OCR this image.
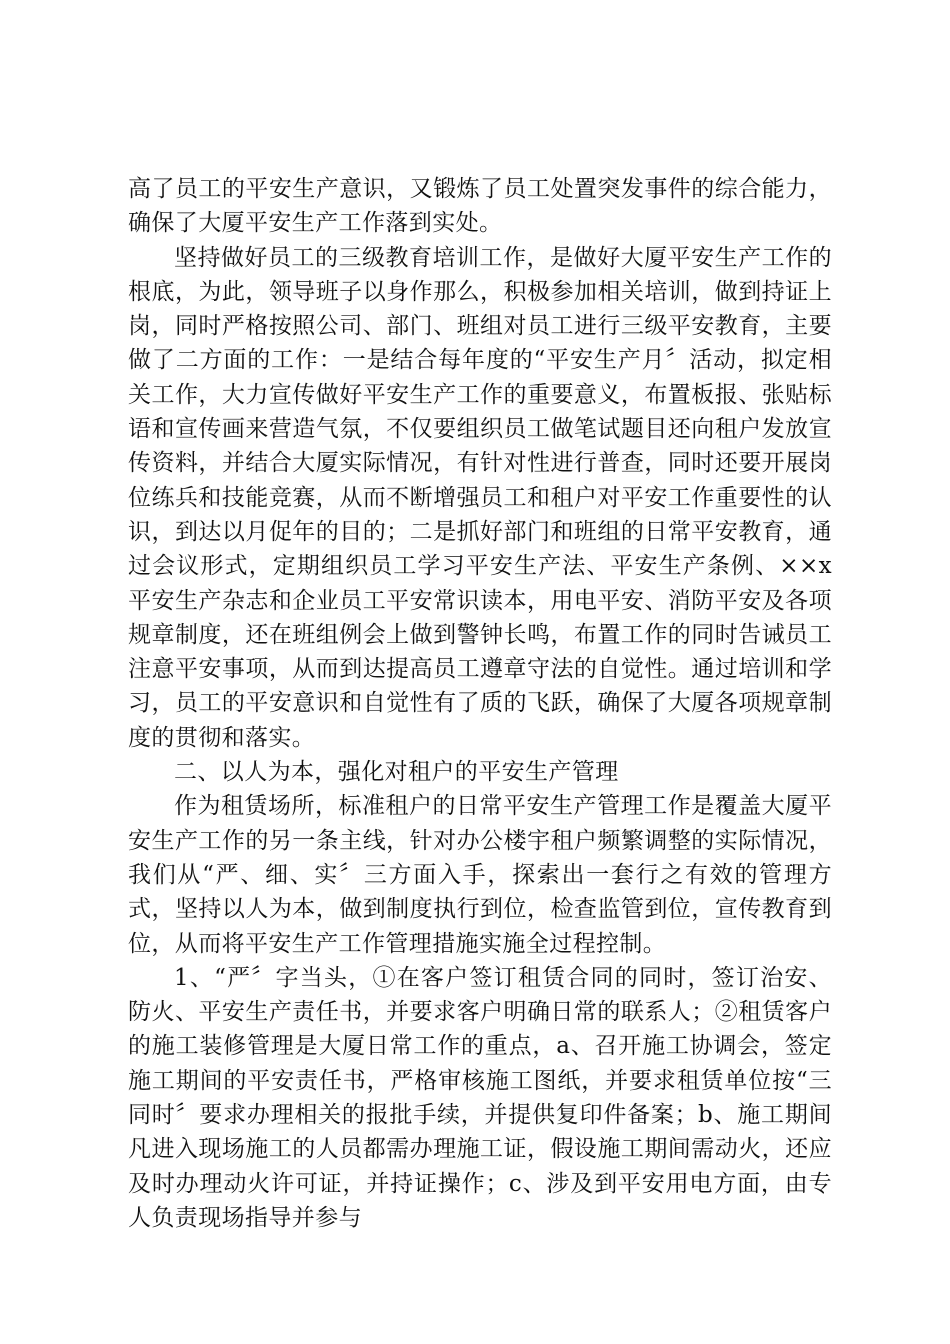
高了员工的平安生产意识，又锻炼了员工处置突发事件的综合能力，确保了大厦平安生产工作落到实处。

坚持做好员工的三级教育培训工作，是做好大厦平安生产工作的根底，为此，领导班子以身作那么，积极参加相关培训，做到持证上岗，同时严格按照公司、部门、班组对员工进行三级平安教育，主要做了二方面的工作：一是结合每年度的“平安生产月〞活动，拟定相关工作，大力宣传做好平安生产工作的重要意义，布置板报、张贴标语和宣传画来营造气氛，不仅要组织员工做笔试题目还向租户发放宣传资料，并结合大厦实际情况，有针对性进行普查，同时还要开展岗位练兵和技能竞赛，从而不断增强员工和租户对平安工作重要性的认识，到达以月促年的目的；二是抓好部门和班组的日常平安教育，通过会议形式，定期组织员工学习平安生产法、平安生产条例、××x平安生产杂志和企业员工平安常识读本，用电平安、消防平安及各项规章制度，还在班组例会上做到警钟长鸣，布置工作的同时告诫员工注意平安事项，从而到达提高员工遵章守法的自觉性。通过培训和学习，员工的平安意识和自觉性有了质的飞跃，确保了大厦各项规章制度的贯彻和落实。

二、以人为本，强化对租户的平安生产管理

作为租赁场所，标准租户的日常平安生产管理工作是覆盖大厦平安生产工作的另一条主线，针对办公楼宇租户频繁调整的实际情况，我们从“严、细、实〞三方面入手，探索出一套行之有效的管理方式，坚持以人为本，做到制度执行到位，检查监管到位，宣传教育到位，从而将平安生产工作管理措施实施全过程控制。

1、“严〞字当头，①在客户签订租赁合同的同时，签订治安、防火、平安生产责任书，并要求客户明确日常的联系人；②租赁客户的施工装修管理是大厦日常工作的重点，a、召开施工协调会，签定施工期间的平安责任书，严格审核施工图纸，并要求租赁单位按“三同时〞要求办理相关的报批手续，并提供复印件备案；b、施工期间凡进入现场施工的人员都需办理施工证，假设施工期间需动火，还应及时办理动火许可证，并持证操作；c、涉及到平安用电方面，由专人负责现场指导并参与
